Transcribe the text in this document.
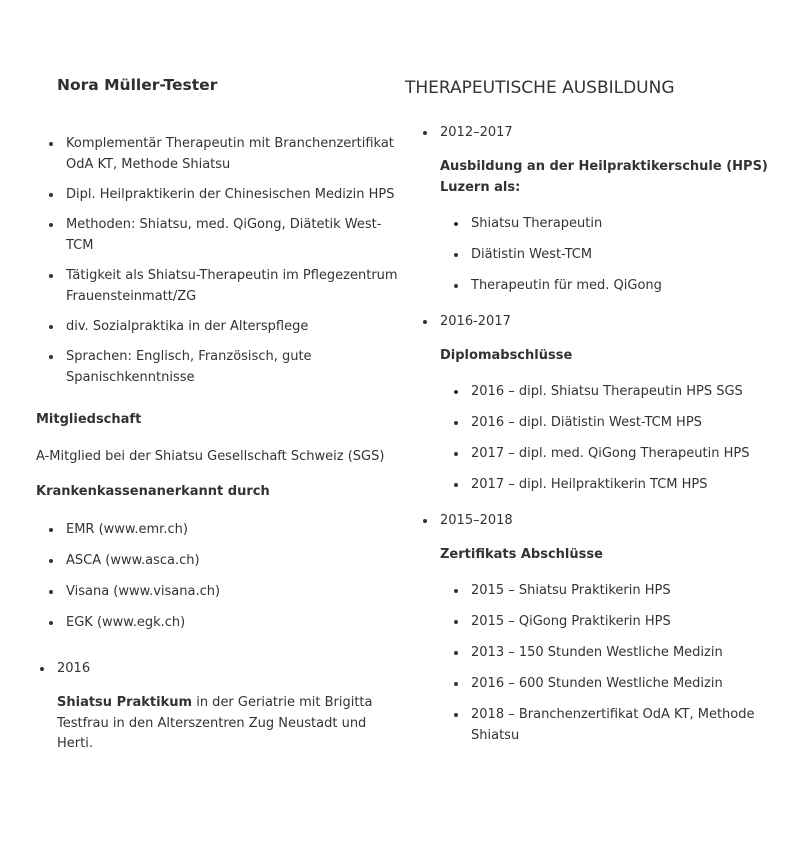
Nora Müller-Tester
• Komplementär Therapeutin mit Branchenzertifikat OdA KT, Methode Shiatsu
• Dipl. Heilpraktikerin der Chinesischen Medizin HPS
• Methoden: Shiatsu, med. QiGong, Diätetik West-TCM
• Tätigkeit als Shiatsu-Therapeutin im Pflegezentrum Frauensteinmatt/ZG
• div. Sozialpraktika in der Alterspflege
• Sprachen: Englisch, Französisch, gute Spanischkenntnisse
Mitgliedschaft

A-Mitglied bei der Shiatsu Gesellschaft Schweiz (SGS)

Krankenkassenanerkannt durch
• EMR (www.emr.ch)
• ASCA (www.asca.ch)
• Visana (www.visana.ch)
• EGK (www.egk.ch)
• 2016

Shiatsu Praktikum in der Geriatrie mit Brigitta Testfrau in den Alterszentren Zug Neustadt und Herti.

THERAPEUTISCHE AUSBILDUNG
• 2012–2017
Ausbildung an der Heilpraktikerschule (HPS) Luzern als:
• Shiatsu Therapeutin
• Diätistin West-TCM
• Therapeutin für med. QiGong
• 2016-2017
Diplomabschlüsse
• 2016 – dipl. Shiatsu Therapeutin HPS SGS
• 2016 – dipl. Diätistin West-TCM HPS
• 2017 – dipl. med. QiGong Therapeutin HPS
• 2017 – dipl. Heilpraktikerin TCM HPS
• 2015–2018
Zertifikats Abschlüsse
• 2015 – Shiatsu Praktikerin HPS
• 2015 – QiGong Praktikerin HPS
• 2013 – 150 Stunden Westliche Medizin
• 2016 – 600 Stunden Westliche Medizin
• 2018 – Branchenzertifikat OdA KT, Methode Shiatsu
